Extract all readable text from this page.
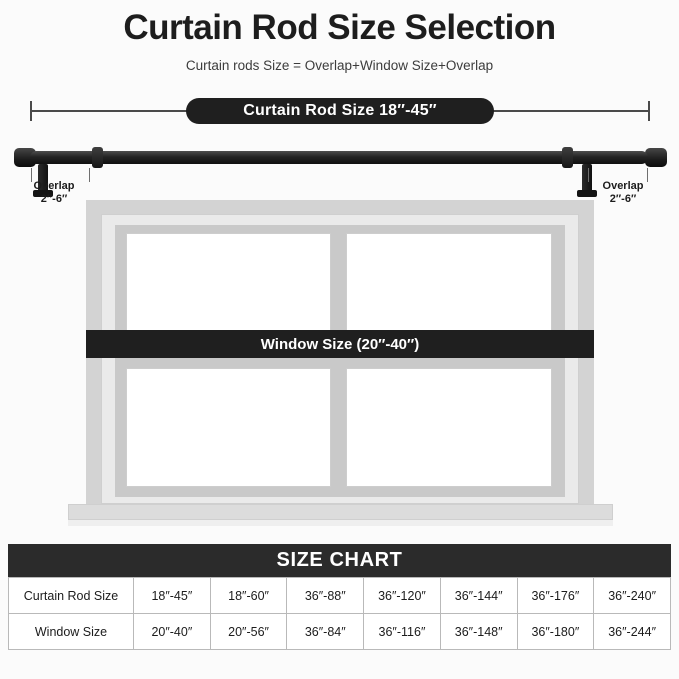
Curtain Rod Size Selection
Curtain rods Size = Overlap+Window Size+Overlap
Curtain Rod Size 18″-45″
Overlap
2″-6″
Overlap
2″-6″
Window Size (20″-40″)
SIZE CHART
Curtain Rod Size	18″-45″	18″-60″	36″-88″	36″-120″	36″-144″	36″-176″	36″-240″
Window Size	20″-40″	20″-56″	36″-84″	36″-116″	36″-148″	36″-180″	36″-244″
